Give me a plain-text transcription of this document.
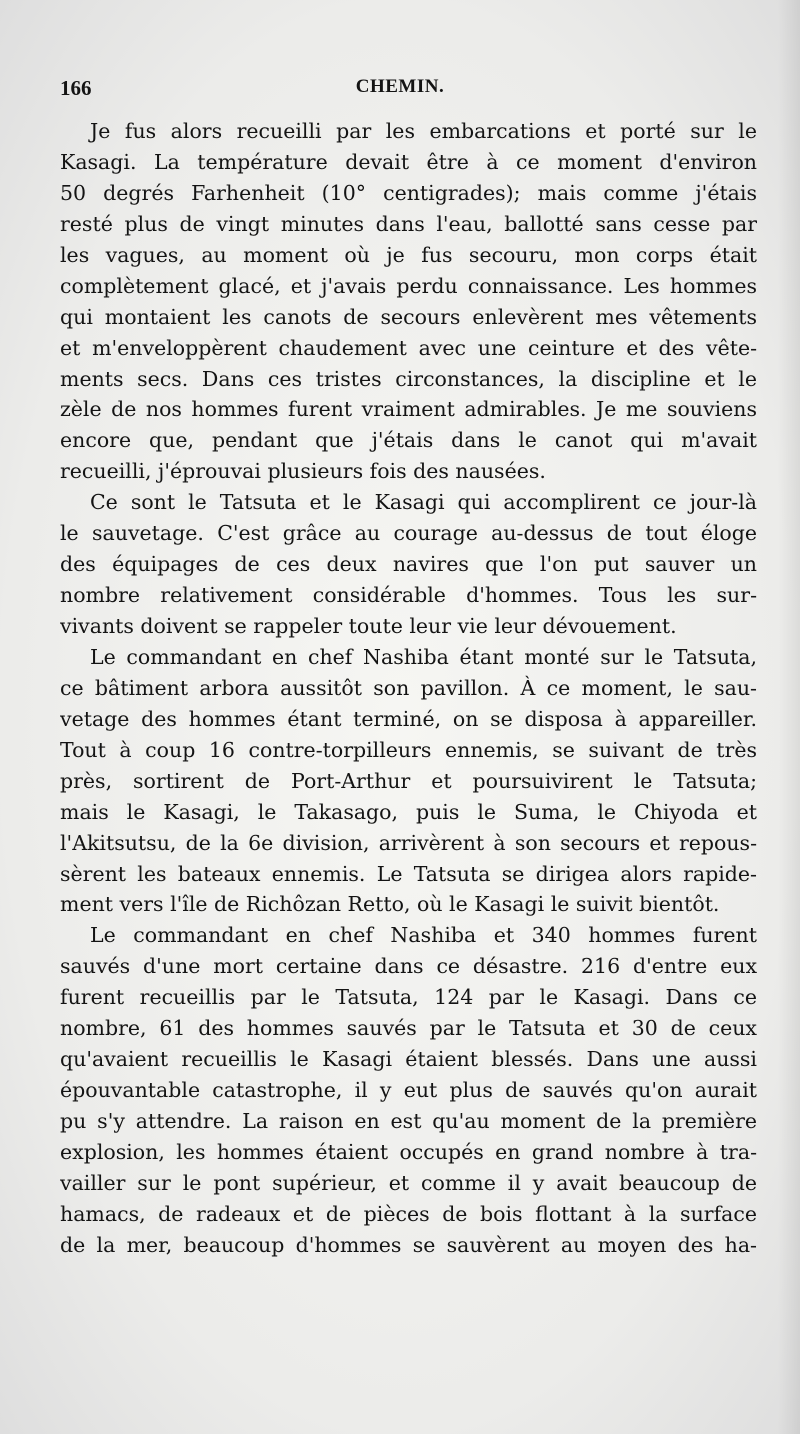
166	CHEMIN.
Je fus alors recueilli par les embarcations et porté sur le
Kasagi. La température devait être à ce moment d'environ
50 degrés Farhenheit (10° centigrades); mais comme j'étais
resté plus de vingt minutes dans l'eau, ballotté sans cesse par
les vagues, au moment où je fus secouru, mon corps était
complètement glacé, et j'avais perdu connaissance. Les hommes
qui montaient les canots de secours enlevèrent mes vêtements
et m'enveloppèrent chaudement avec une ceinture et des vête-
ments secs. Dans ces tristes circonstances, la discipline et le
zèle de nos hommes furent vraiment admirables. Je me souviens
encore que, pendant que j'étais dans le canot qui m'avait
recueilli, j'éprouvai plusieurs fois des nausées.
Ce sont le Tatsuta et le Kasagi qui accomplirent ce jour-là
le sauvetage. C'est grâce au courage au-dessus de tout éloge
des équipages de ces deux navires que l'on put sauver un
nombre relativement considérable d'hommes. Tous les sur-
vivants doivent se rappeler toute leur vie leur dévouement.
Le commandant en chef Nashiba étant monté sur le Tatsuta,
ce bâtiment arbora aussitôt son pavillon. À ce moment, le sau-
vetage des hommes étant terminé, on se disposa à appareiller.
Tout à coup 16 contre-torpilleurs ennemis, se suivant de très
près, sortirent de Port-Arthur et poursuivirent le Tatsuta;
mais le Kasagi, le Takasago, puis le Suma, le Chiyoda et
l'Akitsutsu, de la 6e division, arrivèrent à son secours et repous-
sèrent les bateaux ennemis. Le Tatsuta se dirigea alors rapide-
ment vers l'île de Richôzan Retto, où le Kasagi le suivit bientôt.
Le commandant en chef Nashiba et 340 hommes furent
sauvés d'une mort certaine dans ce désastre. 216 d'entre eux
furent recueillis par le Tatsuta, 124 par le Kasagi. Dans ce
nombre, 61 des hommes sauvés par le Tatsuta et 30 de ceux
qu'avaient recueillis le Kasagi étaient blessés. Dans une aussi
épouvantable catastrophe, il y eut plus de sauvés qu'on aurait
pu s'y attendre. La raison en est qu'au moment de la première
explosion, les hommes étaient occupés en grand nombre à tra-
vailler sur le pont supérieur, et comme il y avait beaucoup de
hamacs, de radeaux et de pièces de bois flottant à la surface
de la mer, beaucoup d'hommes se sauvèrent au moyen des ha-
